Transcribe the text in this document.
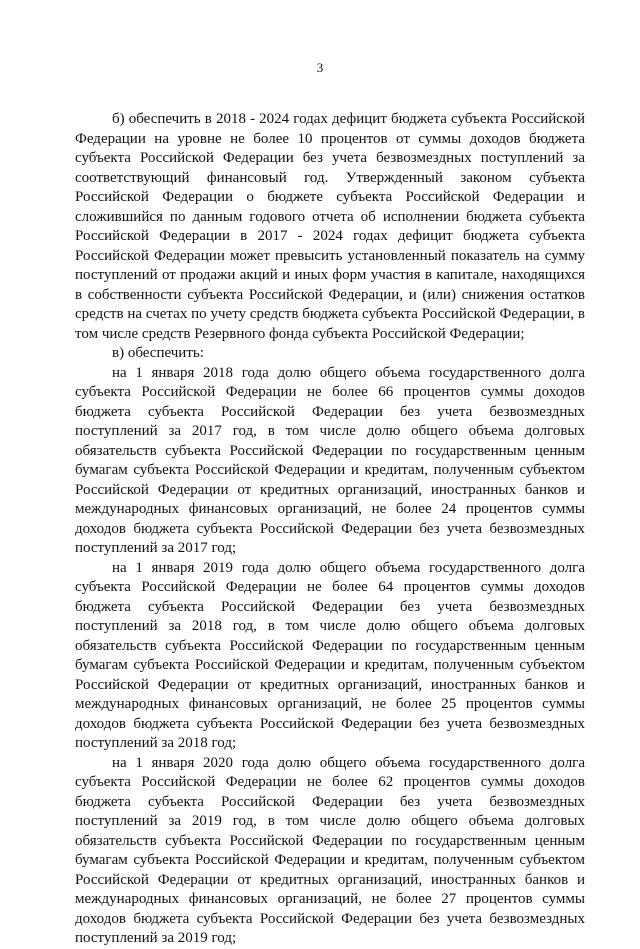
3

б) обеспечить в 2018 - 2024 годах дефицит бюджета субъекта Российской Федерации на уровне не более 10 процентов от суммы доходов бюджета субъекта Российской Федерации без учета безвозмездных поступлений за соответствующий финансовый год. Утвержденный законом субъекта Российской Федерации о бюджете субъекта Российской Федерации и сложившийся по данным годового отчета об исполнении бюджета субъекта Российской Федерации в 2017 - 2024 годах дефицит бюджета субъекта Российской Федерации может превысить установленный показатель на сумму поступлений от продажи акций и иных форм участия в капитале, находящихся в собственности субъекта Российской Федерации, и (или) снижения остатков средств на счетах по учету средств бюджета субъекта Российской Федерации, в том числе средств Резервного фонда субъекта Российской Федерации;

в) обеспечить:

на 1 января 2018 года долю общего объема государственного долга субъекта Российской Федерации не более 66 процентов суммы доходов бюджета субъекта Российской Федерации без учета безвозмездных поступлений за 2017 год, в том числе долю общего объема долговых обязательств субъекта Российской Федерации по государственным ценным бумагам субъекта Российской Федерации и кредитам, полученным субъектом Российской Федерации от кредитных организаций, иностранных банков и международных финансовых организаций, не более 24 процентов суммы доходов бюджета субъекта Российской Федерации без учета безвозмездных поступлений за 2017 год;

на 1 января 2019 года долю общего объема государственного долга субъекта Российской Федерации не более 64 процентов суммы доходов бюджета субъекта Российской Федерации без учета безвозмездных поступлений за 2018 год, в том числе долю общего объема долговых обязательств субъекта Российской Федерации по государственным ценным бумагам субъекта Российской Федерации и кредитам, полученным субъектом Российской Федерации от кредитных организаций, иностранных банков и международных финансовых организаций, не более 25 процентов суммы доходов бюджета субъекта Российской Федерации без учета безвозмездных поступлений за 2018 год;

на 1 января 2020 года долю общего объема государственного долга субъекта Российской Федерации не более 62 процентов суммы доходов бюджета субъекта Российской Федерации без учета безвозмездных поступлений за 2019 год, в том числе долю общего объема долговых обязательств субъекта Российской Федерации по государственным ценным бумагам субъекта Российской Федерации и кредитам, полученным субъектом Российской Федерации от кредитных организаций, иностранных банков и международных финансовых организаций, не более 27 процентов суммы доходов бюджета субъекта Российской Федерации без учета безвозмездных поступлений за 2019 год;
